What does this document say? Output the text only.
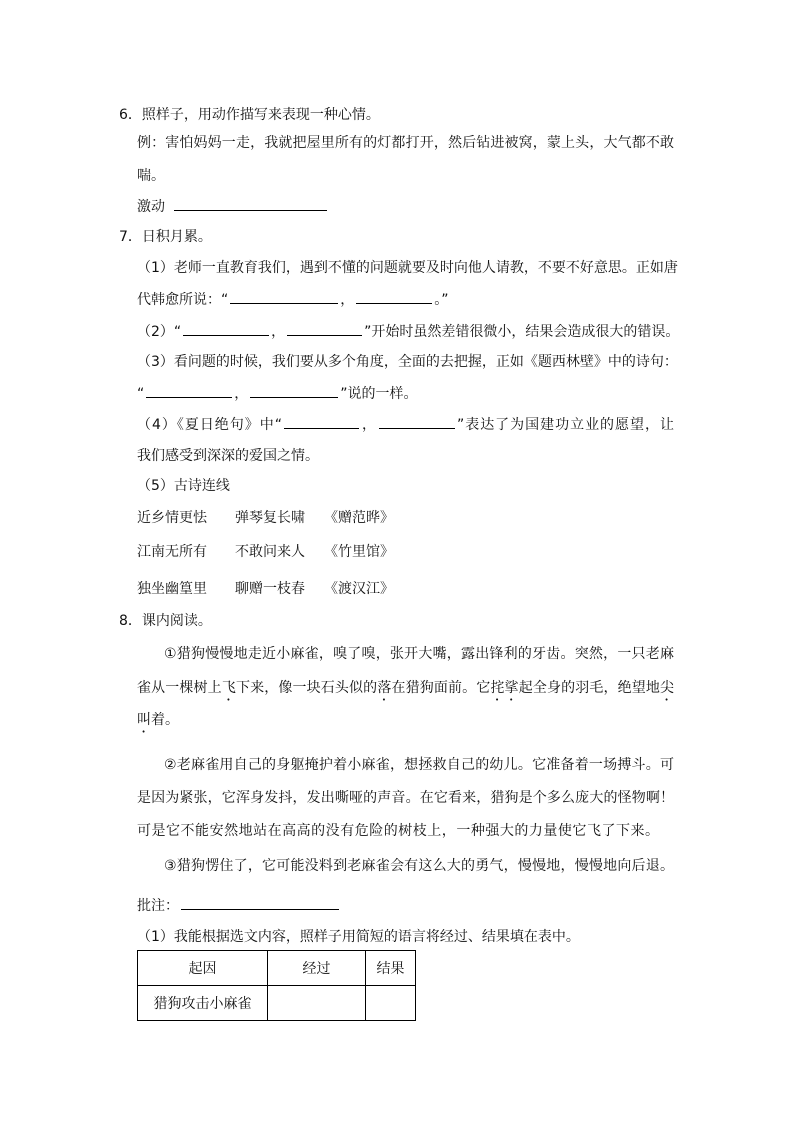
6．照样子，用动作描写来表现一种心情。
例：害怕妈妈一走，我就把屋里所有的灯都打开，然后钻进被窝，蒙上头，大气都不敢
喘。
激动
7．日积月累。
（1）老师一直教育我们，遇到不懂的问题就要及时向他人请教，不要不好意思。正如唐
代韩愈所说：“	，	。”
（2）“	，	”开始时虽然差错很微小，结果会造成很大的错误。
（3）看问题的时候，我们要从多个角度，全面的去把握，正如《题西林壁》中的诗句：
“	，	”说的一样。
（4）《夏日绝句》中“	，	”表达了为国建功立业的愿望，让
我们感受到深深的爱国之情。
（5）古诗连线
近乡情更怯 弹琴复长啸 《赠范晔》
江南无所有 不敢问来人 《竹里馆》
独坐幽篁里 聊赠一枝春 《渡汉江》
8．课内阅读。
①猎狗慢慢地走近小麻雀，嗅了嗅，张开大嘴，露出锋利的牙齿。突然，一只老麻
雀从一棵树上飞下来，像一块石头似的落在猎狗面前。它挓挲起全身的羽毛，绝望地尖
叫着。
②老麻雀用自己的身躯掩护着小麻雀，想拯救自己的幼儿。它准备着一场搏斗。可
是因为紧张，它浑身发抖，发出嘶哑的声音。在它看来，猎狗是个多么庞大的怪物啊！
可是它不能安然地站在高高的没有危险的树枝上，一种强大的力量使它飞了下来。
③猎狗愣住了，它可能没料到老麻雀会有这么大的勇气，慢慢地，慢慢地向后退。
批注：
（1）我能根据选文内容，照样子用简短的语言将经过、结果填在表中。
起因	经过	结果
猎狗攻击小麻雀		
